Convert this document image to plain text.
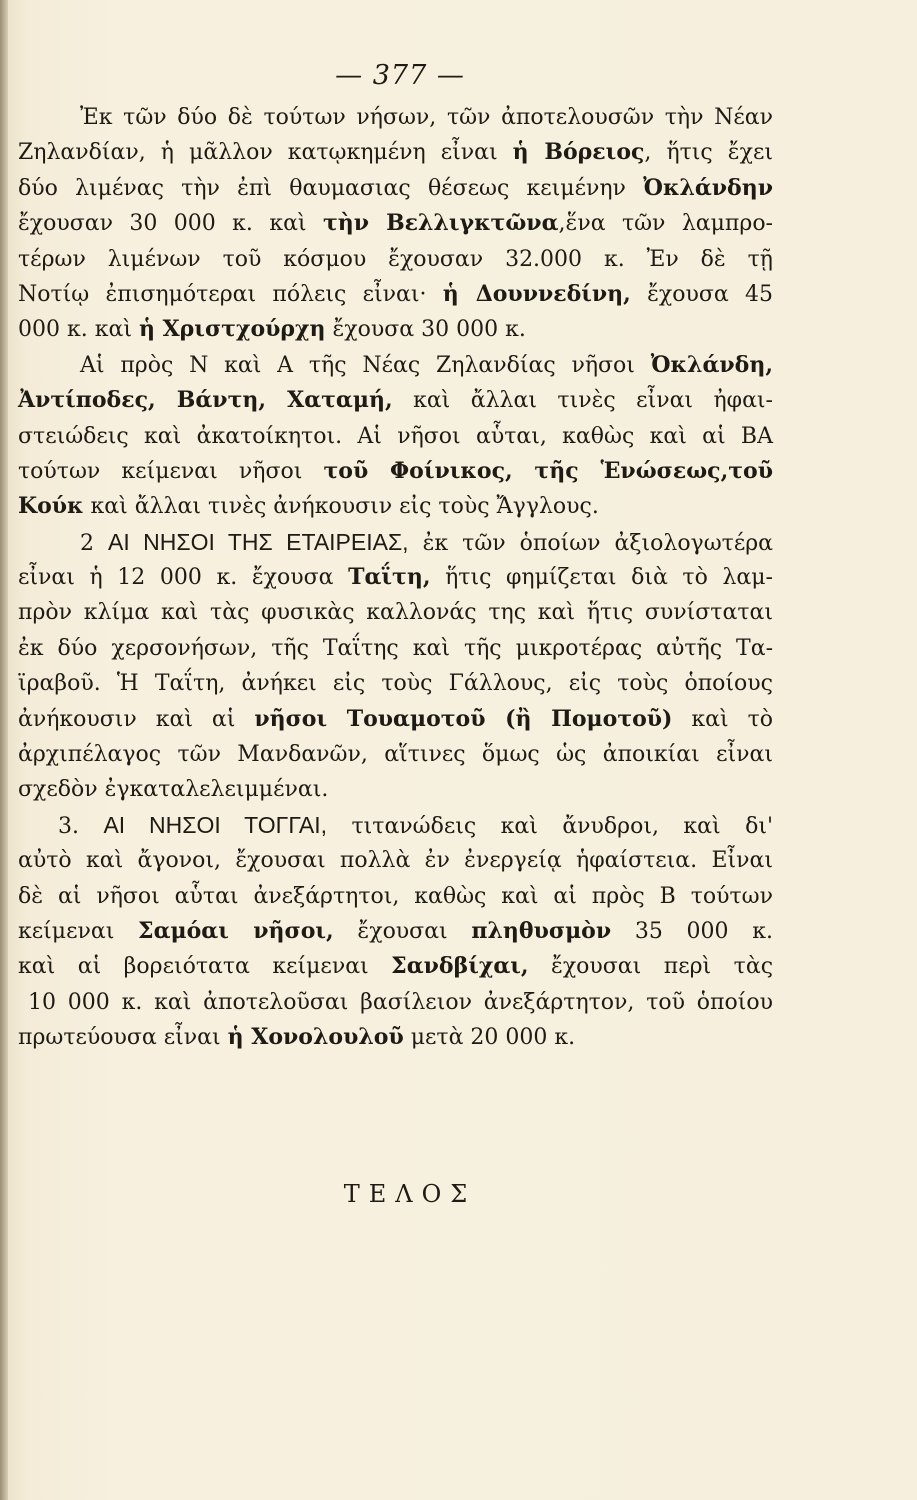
— 377 —
Ἐκ τῶν δύο δὲ τούτων νήσων, τῶν ἀποτελουσῶν τὴν Νέαν
Ζηλανδίαν, ἡ μᾶλλον κατῳκημένη εἶναι ἡ Βόρειος, ἥτις ἔχει
δύο λιμένας τὴν ἐπὶ θαυμασιας θέσεως κειμένην Ὀκλάνδην
ἔχουσαν 30 000 κ. καὶ τὴν Βελλιγκτῶνα,ἕνα τῶν λαμπρο-
τέρων λιμένων τοῦ κόσμου ἔχουσαν 32.000 κ. Ἐν δὲ τῇ
Νοτίῳ ἐπισημότεραι πόλεις εἶναι· ἡ Δουννεδίνη, ἔχουσα 45
000 κ. καὶ ἡ Χριστχούρχη ἔχουσα 30 000 κ.
Αἱ πρὸς Ν καὶ Α τῆς Νέας Ζηλανδίας νῆσοι Ὀκλάνδη,
Ἀντίποδες, Βάντη, Χαταμή, καὶ ἄλλαι τινὲς εἶναι ἠφαι-
στειώδεις καὶ ἀκατοίκητοι. Αἱ νῆσοι αὗται, καθὼς καὶ αἱ ΒΑ
τούτων κείμεναι νῆσοι τοῦ Φοίνικος, τῆς Ἑνώσεως,τοῦ
Κούκ καὶ ἄλλαι τινὲς ἀνήκουσιν εἰς τοὺς Ἄγγλους.
2 ΑΙ ΝΗΣΟΙ ΤΗΣ ΕΤΑΙΡΕΙΑΣ, ἐκ τῶν ὁποίων ἀξιολογωτέρα
εἶναι ἡ 12 000 κ. ἔχουσα Ταΐτη, ἥτις φημίζεται διὰ τὸ λαμ-
πρὸν κλίμα καὶ τὰς φυσικὰς καλλονάς της καὶ ἥτις συνίσταται
ἐκ δύο χερσονήσων, τῆς Ταΐτης καὶ τῆς μικροτέρας αὐτῆς Τα-
ϊραβοῦ. Ἡ Ταΐτη, ἀνήκει εἰς τοὺς Γάλλους, εἰς τοὺς ὁποίους
ἀνήκουσιν καὶ αἱ νῆσοι Τουαμοτοῦ (ἢ Πομοτοῦ) καὶ τὸ
ἀρχιπέλαγος τῶν Μανδανῶν, αἵτινες ὅμως ὡς ἀποικίαι εἶναι
σχεδὸν ἐγκαταλελειμμέναι.
3. ΑΙ ΝΗΣΟΙ ΤΟΓΓΑΙ, τιτανώδεις καὶ ἄνυδροι, καὶ δι'
αὐτὸ καὶ ἄγονοι, ἔχουσαι πολλὰ ἐν ἐνεργείᾳ ἡφαίστεια. Εἶναι
δὲ αἱ νῆσοι αὗται ἀνεξάρτητοι, καθὼς καὶ αἱ πρὸς Β τούτων
κείμεναι Σαμόαι νῆσοι, ἔχουσαι πληθυσμὸν 35 000 κ.
καὶ αἱ βορειότατα κείμεναι Σανδβίχαι, ἔχουσαι περὶ τὰς
10 000 κ. καὶ ἀποτελοῦσαι βασίλειον ἀνεξάρτητον, τοῦ ὁποίου
πρωτεύουσα εἶναι ἡ Χονολουλοῦ μετὰ 20 000 κ.
ΤΕΛΟΣ
